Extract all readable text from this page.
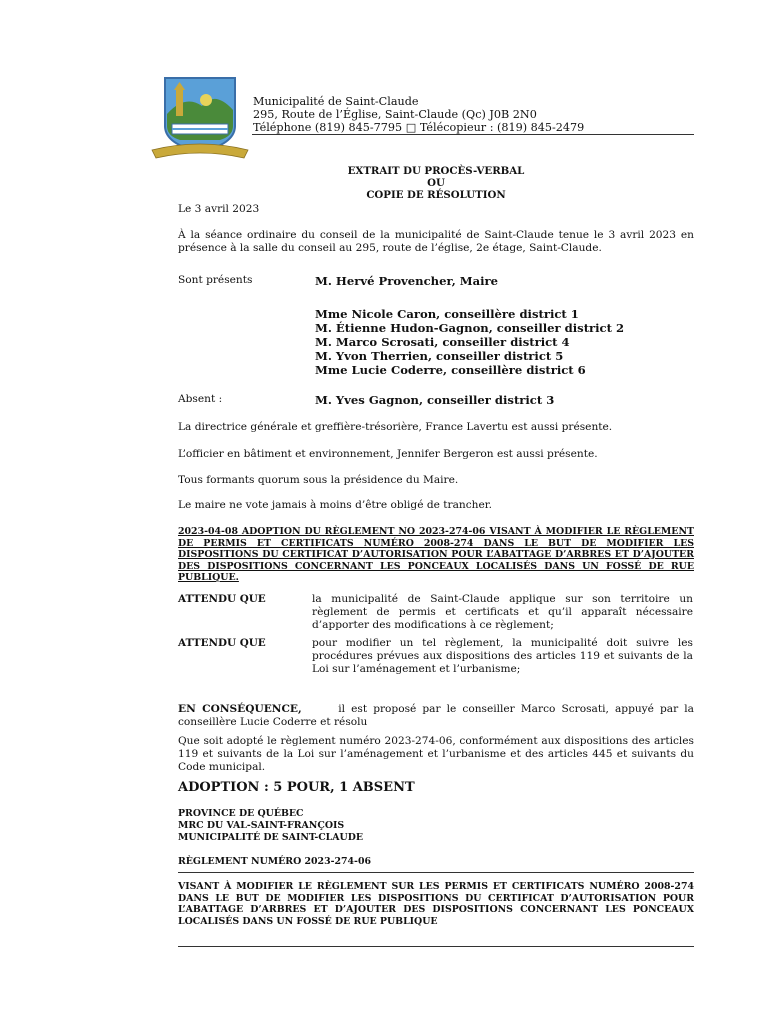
Municipalité de Saint-Claude
295, Route de l’Église, Saint-Claude (Qc) J0B 2N0
Téléphone (819) 845-7795 □ Télécopieur : (819) 845-2479
EXTRAIT DU PROCÈS-VERBAL
OU
COPIE DE RÉSOLUTION
Le 3 avril 2023
À la séance ordinaire du conseil de la municipalité de Saint-Claude tenue le 3 avril 2023 en présence à la salle du conseil au 295, route de l’église, 2e étage, Saint-Claude.
Sont présents	M. Hervé Provencher, Maire
Mme Nicole Caron, conseillère district 1
M. Étienne Hudon-Gagnon, conseiller district 2
M. Marco Scrosati, conseiller district 4
M. Yvon Therrien, conseiller district 5
Mme Lucie Coderre, conseillère district 6
Absent :	M. Yves Gagnon, conseiller district 3
La directrice générale et greffière-trésorière, France Lavertu est aussi présente.
L’officier en bâtiment et environnement, Jennifer Bergeron est aussi présente.
Tous formants quorum sous la présidence du Maire.
Le maire ne vote jamais à moins d’être obligé de trancher.
2023-04-08 ADOPTION DU RÈGLEMENT NO 2023-274-06 VISANT À MODIFIER LE RÈGLEMENT DE PERMIS ET CERTIFICATS NUMÉRO 2008-274 DANS LE BUT DE MODIFIER LES DISPOSITIONS DU CERTIFICAT D’AUTORISATION POUR L’ABATTAGE D’ARBRES ET D’AJOUTER DES DISPOSITIONS CONCERNANT LES PONCEAUX LOCALISÉS DANS UN FOSSÉ DE RUE PUBLIQUE.
ATTENDU QUE	la municipalité de Saint-Claude applique sur son territoire un règlement de permis et certificats et qu’il apparaît nécessaire d’apporter des modifications à ce règlement;
ATTENDU QUE	pour modifier un tel règlement, la municipalité doit suivre les procédures prévues aux dispositions des articles 119 et suivants de la Loi sur l’aménagement et l’urbanisme;
EN CONSÉQUENCE,	il est proposé par le conseiller Marco Scrosati, appuyé par la conseillère Lucie Coderre et résolu
Que soit adopté le règlement numéro 2023-274-06, conformément aux dispositions des articles 119 et suivants de la Loi sur l’aménagement et l’urbanisme et des articles 445 et suivants du Code municipal.
ADOPTION : 5 POUR, 1 ABSENT
PROVINCE DE QUÉBEC
MRC DU VAL-SAINT-FRANÇOIS
MUNICIPALITÉ DE SAINT-CLAUDE
RÈGLEMENT NUMÉRO 2023-274-06
VISANT À MODIFIER LE RÈGLEMENT SUR LES PERMIS ET CERTIFICATS NUMÉRO 2008-274 DANS LE BUT DE MODIFIER LES DISPOSITIONS DU CERTIFICAT D’AUTORISATION POUR L’ABATTAGE D’ARBRES ET D’AJOUTER DES DISPOSITIONS CONCERNANT LES PONCEAUX LOCALISÉS DANS UN FOSSÉ DE RUE PUBLIQUE
